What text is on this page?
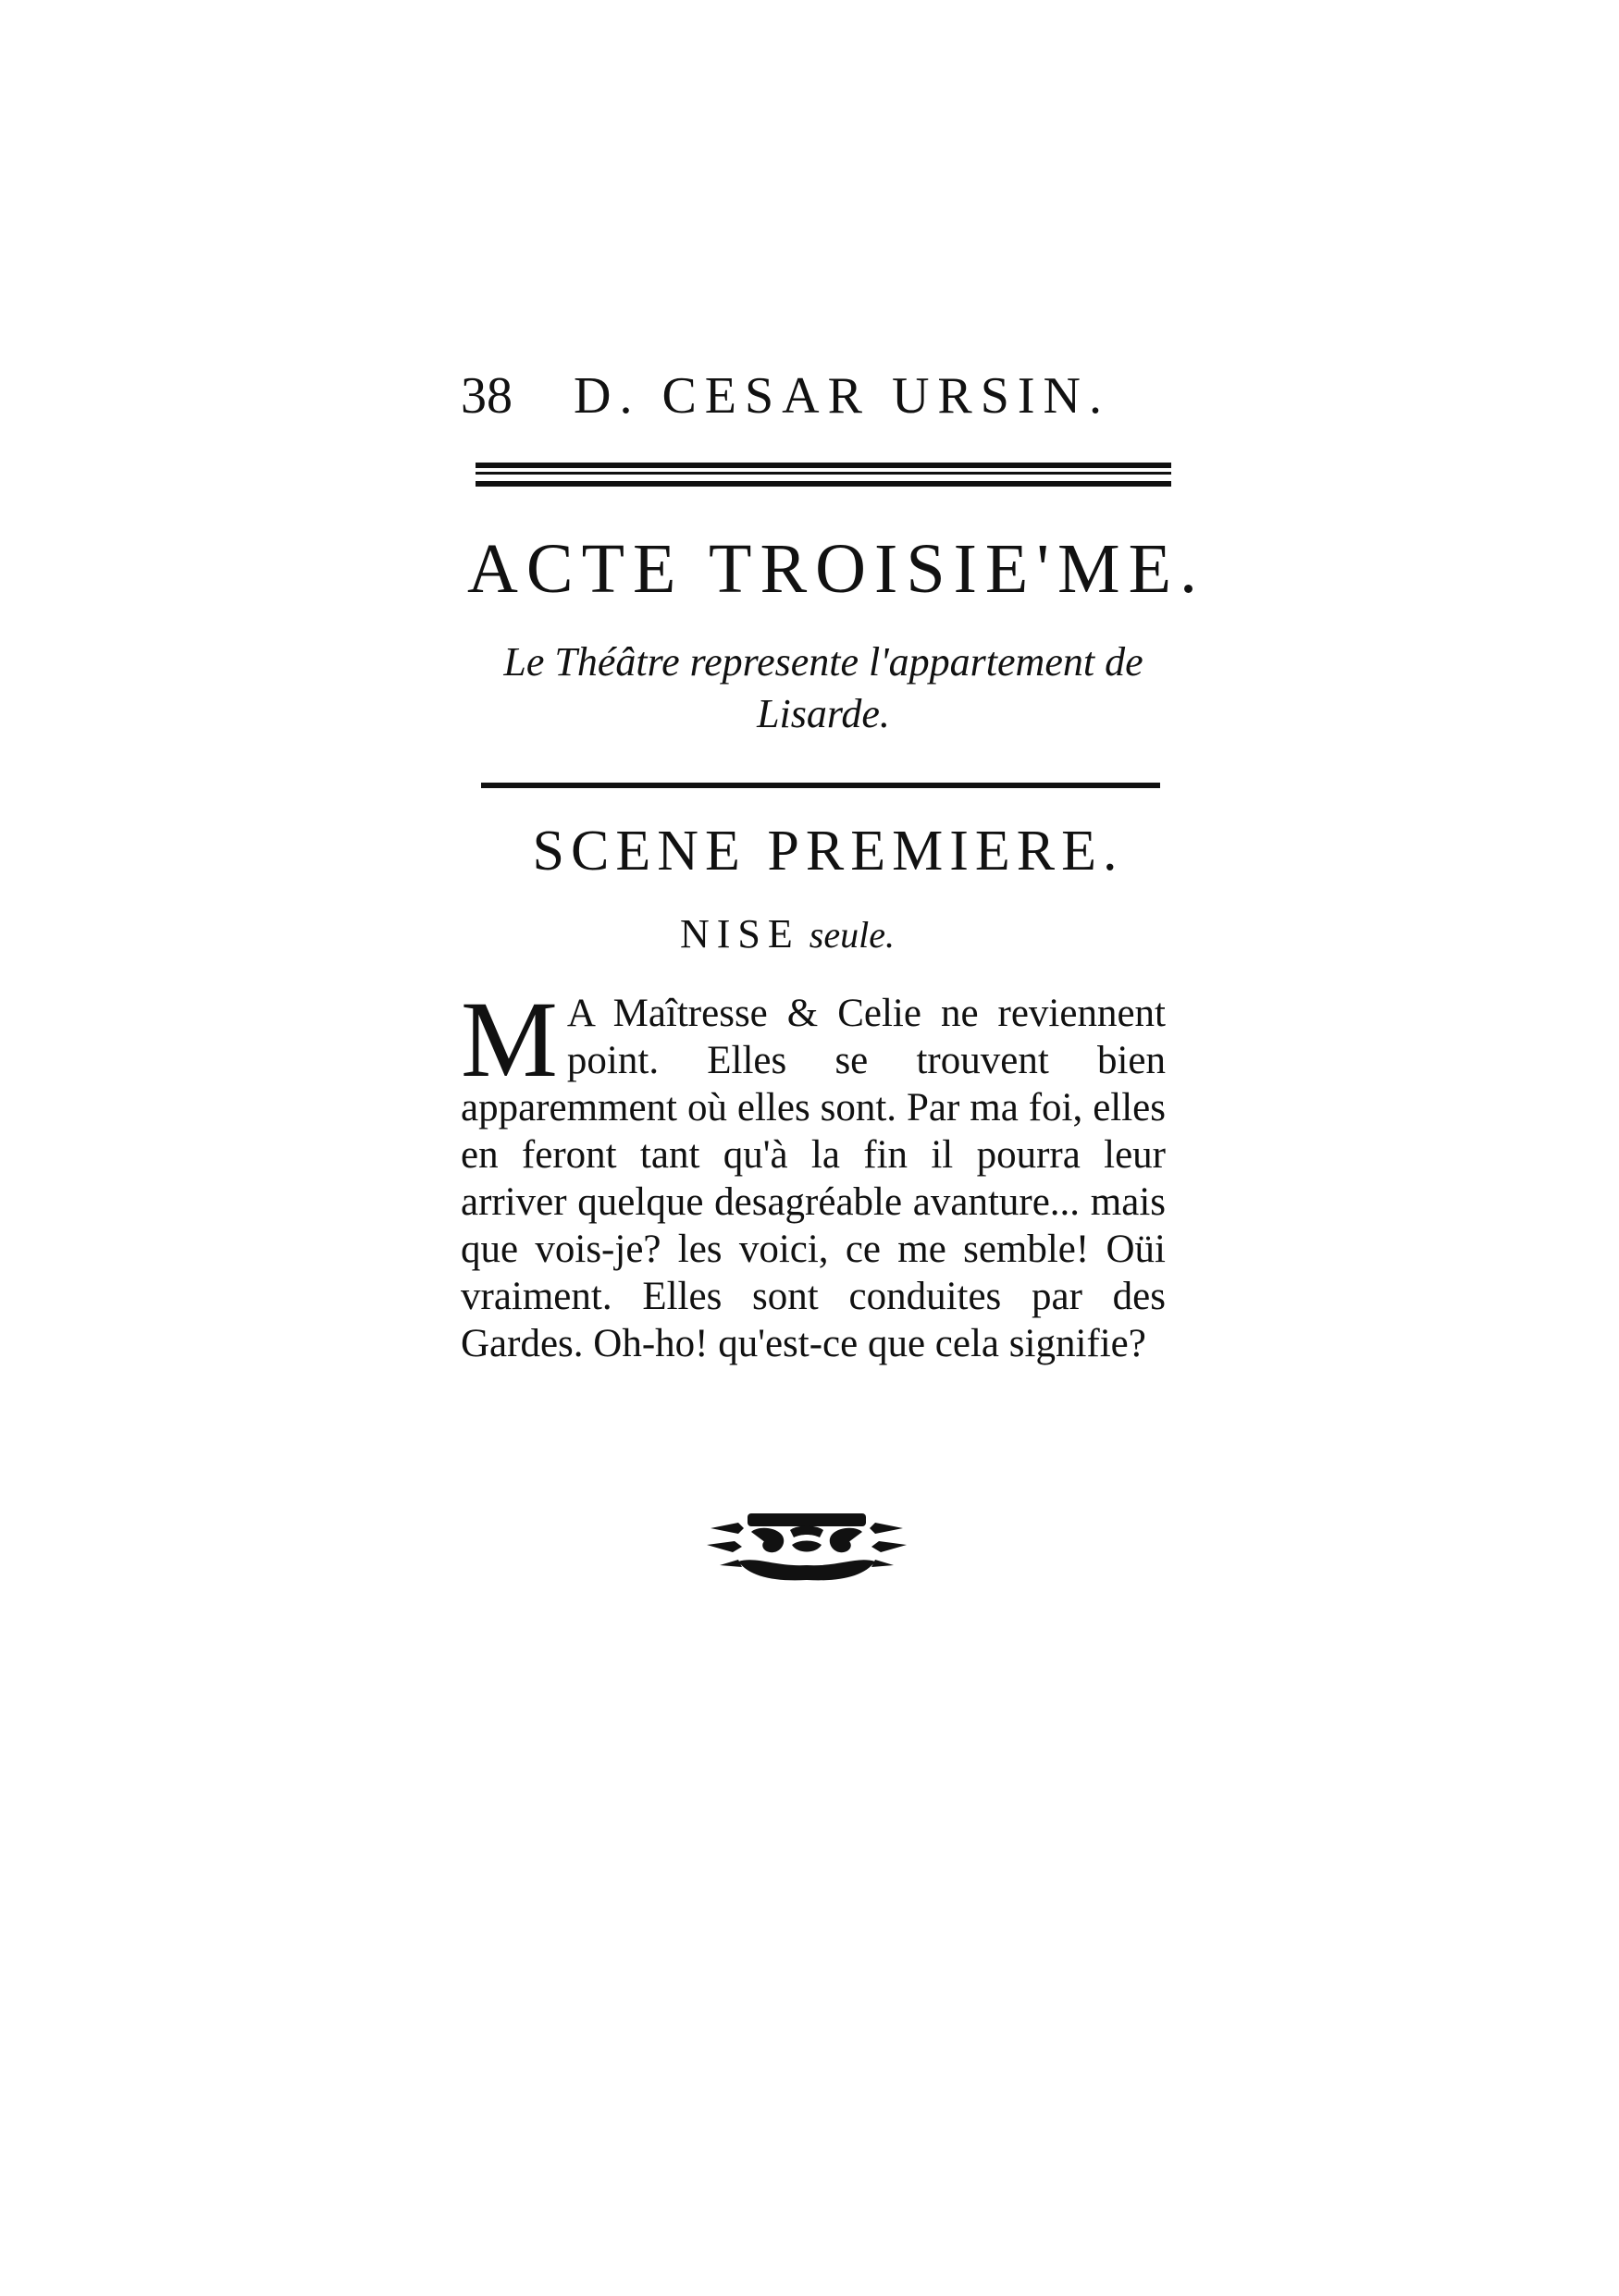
38 D. CESAR URSIN.
ACTE TROISIE'ME.
Le Théâtre represente l'appartement de Lisarde.
SCENE PREMIERE.
NISE seule.
M A Maîtresse & Celie ne reviennent point. Elles se trouvent bien apparemment où elles sont. Par ma foi, elles en feront tant qu'à la fin il pourra leur arriver quelque desagréable avanture... mais que vois-je? les voici, ce me semble! Oüi vraiment. Elles sont conduites par des Gardes. Oh-ho! qu'est-ce que cela signifie?
